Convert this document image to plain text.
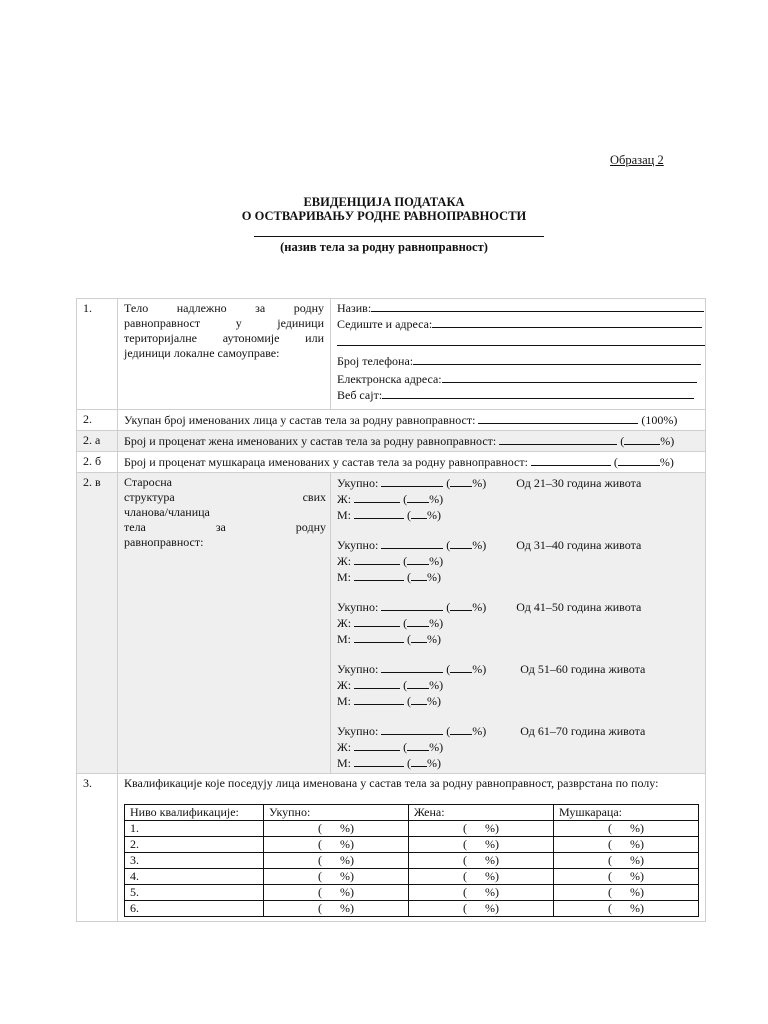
Образац 2
ЕВИДЕНЦИЈА ПОДАТАКА
О ОСТВАРИВАЊУ РОДНЕ РАВНОПРАВНОСТИ
(назив тела за родну равноправност)
1.	Тело надлежно за родну
равноправност у јединици
територијалне аутономије или
јединици локалне самоуправе:

Назив:
Седиште и адреса:
Број телефона:
Електронска адреса:
Веб сајт:

2.	Укупан број именованих лица у састав тела за родну равноправност:	(100%)
2. а	Број и проценат жена именованих у састав тела за родну равноправност:	(	%)
2. б	Број и проценат мушкараца именованих у састав тела за родну равноправност:	(	%)
2. в	Старосна
структура свих
чланова/чланица
тела за родну
равноправност:

Укупно:	( %)	Од 21–30 година живота
Ж:	( %)
М:	( %)
Укупно:	( %)	Од 31–40 година живота
Ж:	( %)
М:	( %)
Укупно:	( %)	Од 41–50 година живота
Ж:	( %)
М:	( %)
Укупно:	( %)	Од 51–60 година живота
Ж:	( %)
М:	( %)
Укупно:	( %)	Од 61–70 година живота
Ж:	( %)
М:	( %)

3.	Квалификације које поседују лица именована у састав тела за родну равноправност, разврстана по полу:
Ниво квалификације:	Укупно:	Жена:	Мушкараца:
1.	(      %)	(      %)	(      %)
2.	(      %)	(      %)	(      %)
3.	(      %)	(      %)	(      %)
4.	(      %)	(      %)	(      %)
5.	(      %)	(      %)	(      %)
6.	(      %)	(      %)	(      %)
